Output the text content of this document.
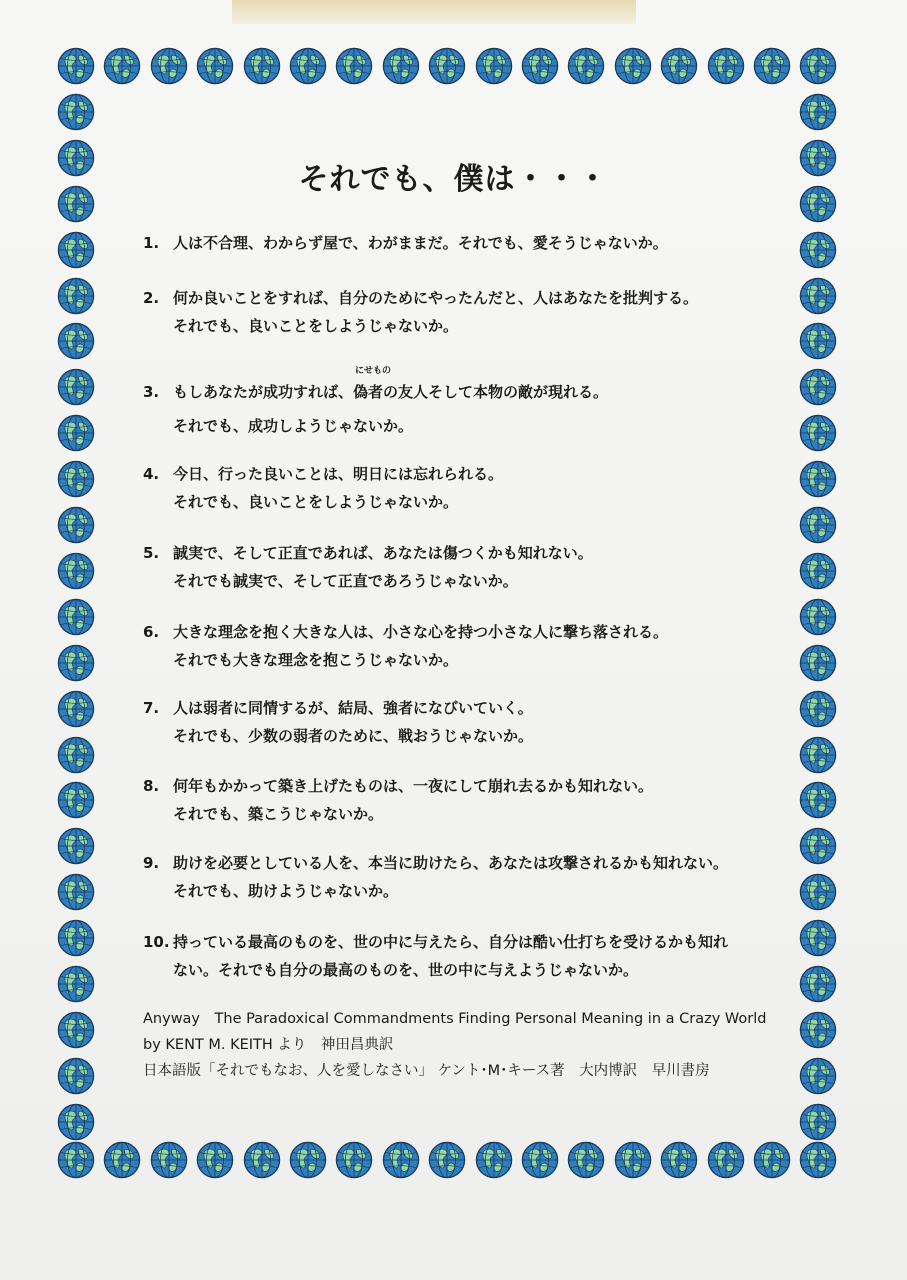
それでも、僕は・・・
1. 人は不合理、わからず屋で、わがままだ。それでも、愛そうじゃないか。
2. 何か良いことをすれば、自分のためにやったんだと、人はあなたを批判する。
それでも、良いことをしようじゃないか。
3. もしあなたが成功すれば、
にせもの
偽者の友人そして本物の敵が現れる。
それでも、成功しようじゃないか。
4. 今日、行った良いことは、明日には忘れられる。
それでも、良いことをしようじゃないか。
5. 誠実で、そして正直であれば、あなたは傷つくかも知れない。
それでも誠実で、そして正直であろうじゃないか。
6. 大きな理念を抱く大きな人は、小さな心を持つ小さな人に撃ち落される。
それでも大きな理念を抱こうじゃないか。
7. 人は弱者に同情するが、結局、強者になびいていく。
それでも、少数の弱者のために、戦おうじゃないか。
8. 何年もかかって築き上げたものは、一夜にして崩れ去るかも知れない。
それでも、築こうじゃないか。
9. 助けを必要としている人を、本当に助けたら、あなたは攻撃されるかも知れない。
それでも、助けようじゃないか。
10. 持っている最高のものを、世の中に与えたら、自分は酷い仕打ちを受けるかも知れ
ない。それでも自分の最高のものを、世の中に与えようじゃないか。
Anyway　The Paradoxical Commandments Finding Personal Meaning in a Crazy World
by KENT M. KEITH より　神田昌典訳
日本語版「それでもなお、人を愛しなさい」 ケント･M･キース著　大内博訳　早川書房
